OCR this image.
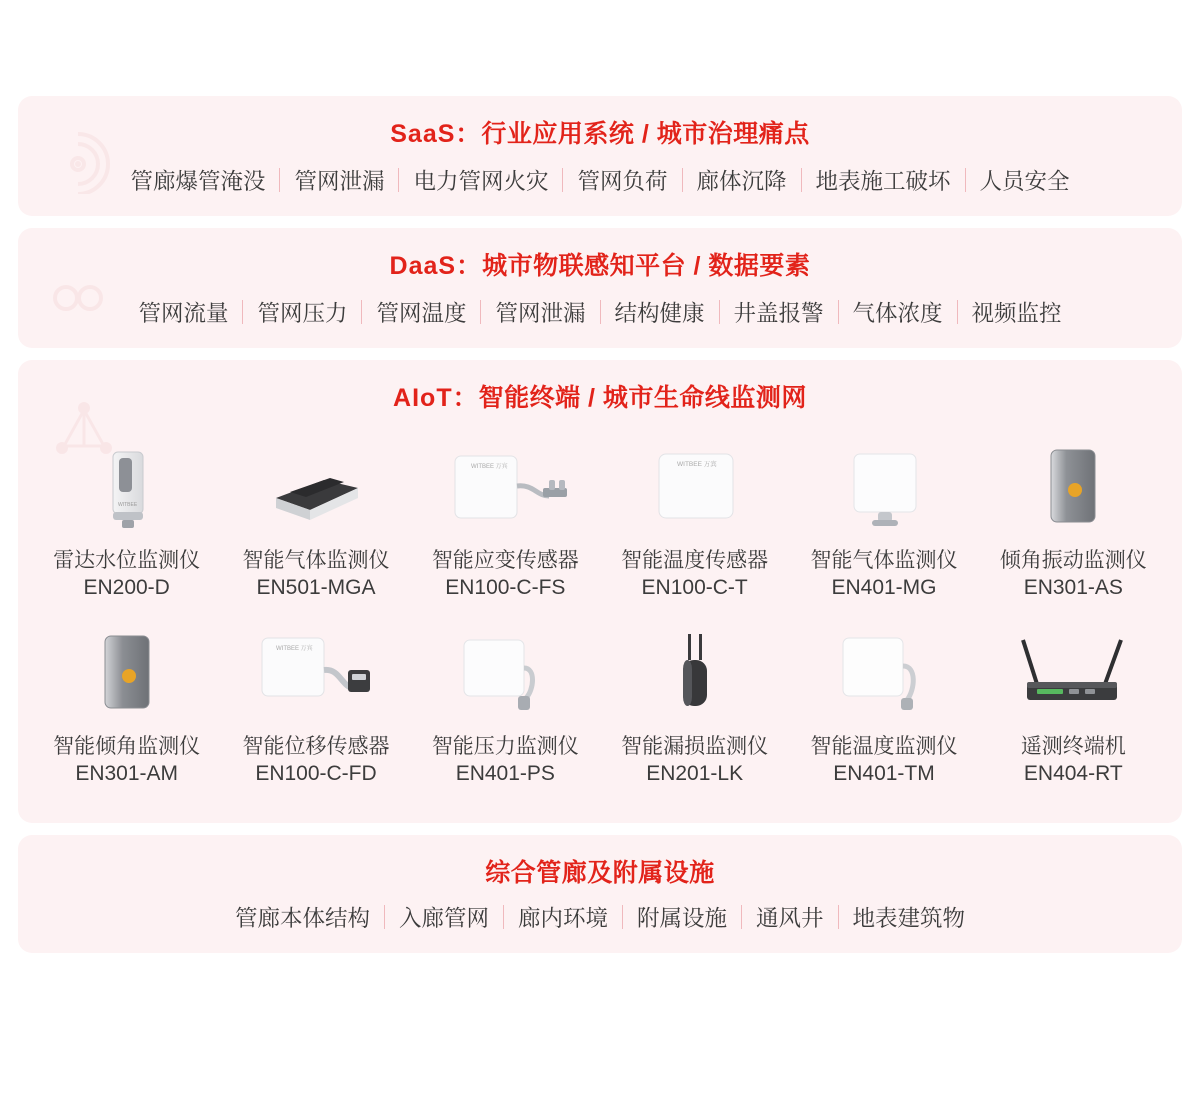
SaaS：行业应用系统 / 城市治理痛点
管廊爆管淹没	管网泄漏	电力管网火灾	管网负荷	廊体沉降	地表施工破坏	人员安全
DaaS：城市物联感知平台 / 数据要素
管网流量	管网压力	管网温度	管网泄漏	结构健康	井盖报警	气体浓度	视频监控
AIoT：智能终端 / 城市生命线监测网
WITBEE
雷达水位监测仪
EN200-D
智能气体监测仪
EN501-MGA
WITBEE 万宾
智能应变传感器
EN100-C-FS
WITBEE 万宾
智能温度传感器
EN100-C-T
智能气体监测仪
EN401-MG
倾角振动监测仪
EN301-AS
智能倾角监测仪
EN301-AM
WITBEE 万宾
智能位移传感器
EN100-C-FD
智能压力监测仪
EN401-PS
智能漏损监测仪
EN201-LK
智能温度监测仪
EN401-TM
遥测终端机
EN404-RT
综合管廊及附属设施
管廊本体结构	入廊管网	廊内环境	附属设施	通风井	地表建筑物
